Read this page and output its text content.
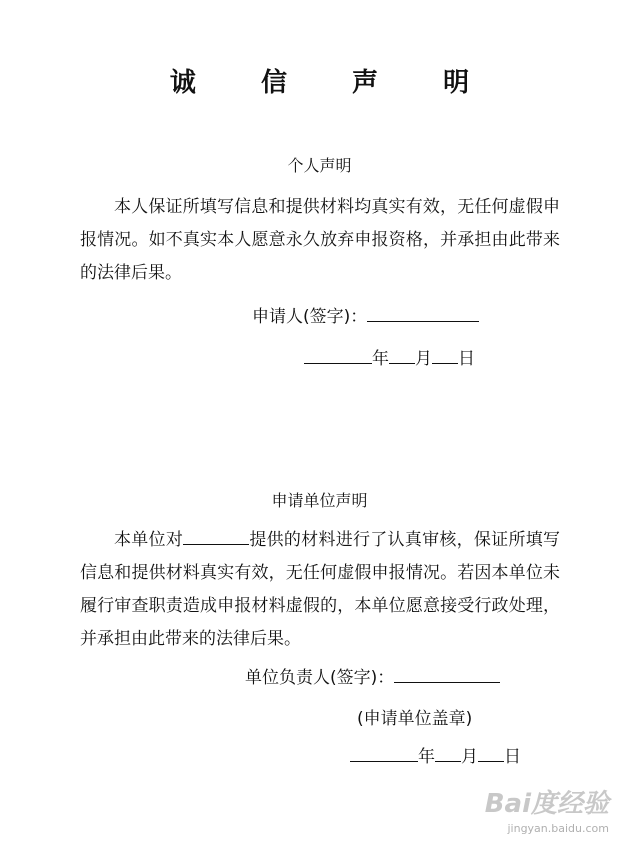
诚 信 声 明
个人声明
本人保证所填写信息和提供材料均真实有效，无任何虚假申报情况。如不真实本人愿意永久放弃申报资格，并承担由此带来的法律后果。
申请人(签字)：
年 月 日
申请单位声明
本单位对	提供的材料进行了认真审核，保证所填写信息和提供材料真实有效，无任何虚假申报情况。若因本单位未履行审查职责造成申报材料虚假的，本单位愿意接受行政处理，并承担由此带来的法律后果。
单位负责人(签字)：
(申请单位盖章)
年 月 日
Bai度经验
jingyan.baidu.com
